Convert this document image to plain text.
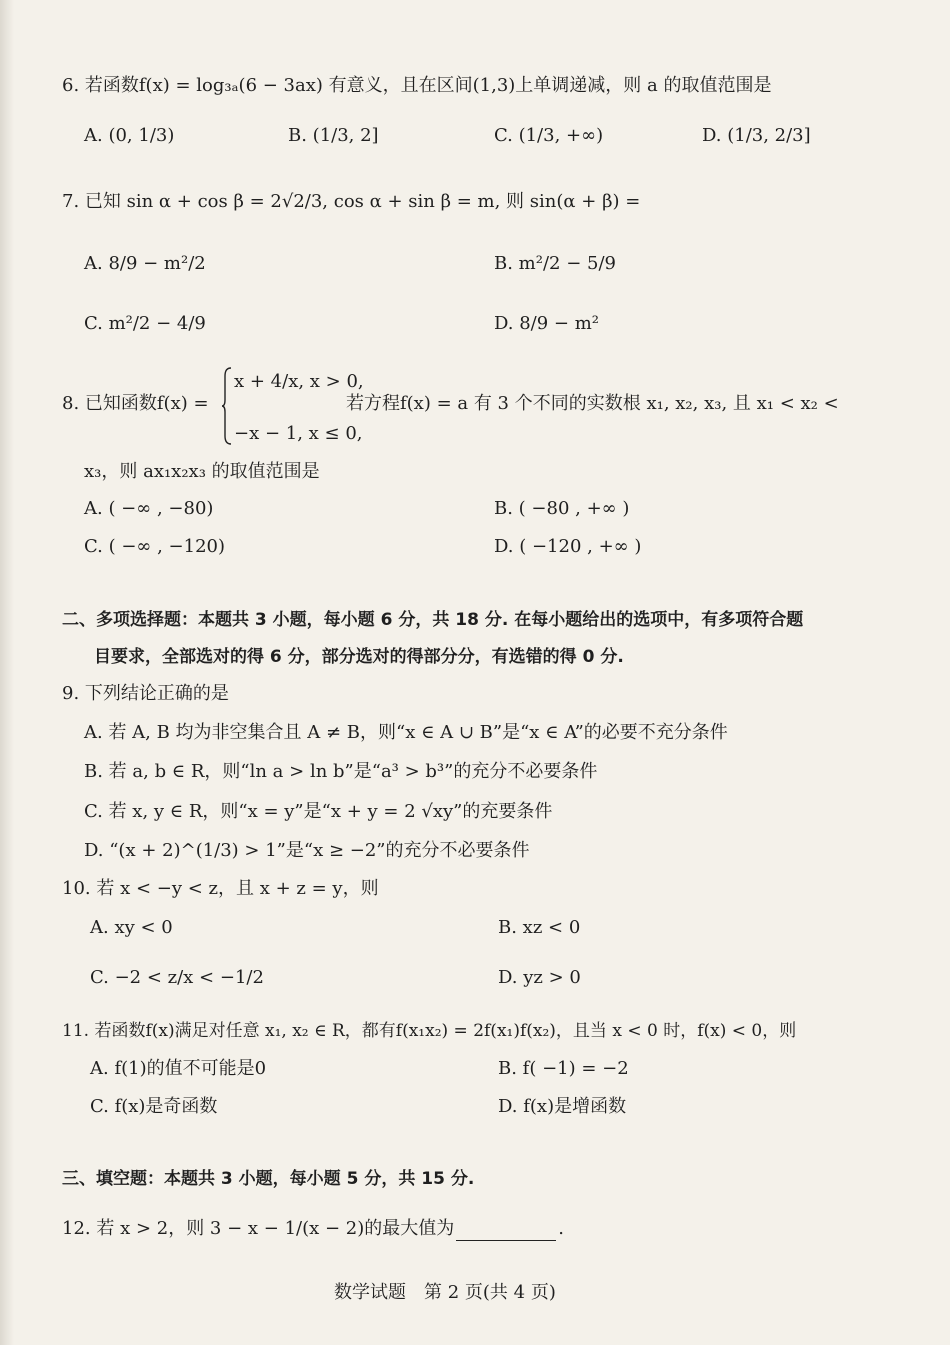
6. 若函数f(x) = log₃ₐ(6 − 3ax) 有意义，且在区间(1,3)上单调递减，则 a 的取值范围是
A. (0, 1/3)	B. (1/3, 2]	C. (1/3, +∞)	D. (1/3, 2/3]
7. 已知 sin α + cos β = 2√2/3, cos α + sin β = m, 则 sin(α + β) =
A. 8/9 − m²/2	B. m²/2 − 5/9
C. m²/2 − 4/9	D. 8/9 − m²
8. 已知函数f(x) =
x + 4/x, x > 0,
−x − 1, x ≤ 0,
若方程f(x) = a 有 3 个不同的实数根 x₁, x₂, x₃, 且 x₁ < x₂ <
x₃，则 ax₁x₂x₃ 的取值范围是
A. ( −∞ , −80)	B. ( −80 , +∞ )
C. ( −∞ , −120)	D. ( −120 , +∞ )
二、多项选择题：本题共 3 小题，每小题 6 分，共 18 分. 在每小题给出的选项中，有多项符合题
目要求，全部选对的得 6 分，部分选对的得部分分，有选错的得 0 分.
9. 下列结论正确的是
A. 若 A, B 均为非空集合且 A ≠ B，则“x ∈ A ∪ B”是“x ∈ A”的必要不充分条件
B. 若 a, b ∈ R，则“ln a > ln b”是“a³ > b³”的充分不必要条件
C. 若 x, y ∈ R，则“x = y”是“x + y = 2 √xy”的充要条件
D. “(x + 2)^(1/3) > 1”是“x ≥ −2”的充分不必要条件
10. 若 x < −y < z，且 x + z = y，则
A. xy < 0	B. xz < 0
C. −2 < z/x < −1/2	D. yz > 0
11. 若函数f(x)满足对任意 x₁, x₂ ∈ R，都有f(x₁x₂) = 2f(x₁)f(x₂)，且当 x < 0 时，f(x) < 0，则
A. f(1)的值不可能是0	B. f( −1) = −2
C. f(x)是奇函数	D. f(x)是增函数
三、填空题：本题共 3 小题，每小题 5 分，共 15 分.
12. 若 x > 2，则 3 − x − 1/(x − 2)的最大值为	.
数学试题　第 2 页(共 4 页)
